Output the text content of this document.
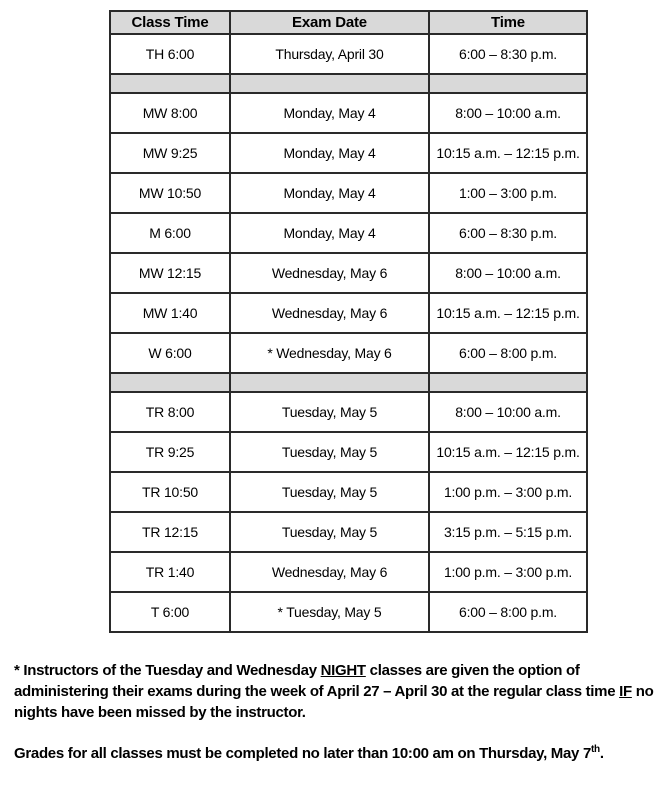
Class Time	Exam Date	Time
TH 6:00	Thursday, April 30	6:00 – 8:30 p.m.

MW 8:00	Monday, May 4	8:00 – 10:00 a.m.
MW 9:25	Monday, May 4	10:15 a.m. – 12:15 p.m.
MW 10:50	Monday, May 4	1:00 – 3:00 p.m.
M 6:00	Monday, May 4	6:00 – 8:30 p.m.
MW 12:15	Wednesday, May 6	8:00 – 10:00 a.m.
MW 1:40	Wednesday, May 6	10:15 a.m. – 12:15 p.m.
W 6:00	* Wednesday, May 6	6:00 – 8:00 p.m.

TR 8:00	Tuesday, May 5	8:00 – 10:00 a.m.
TR 9:25	Tuesday, May 5	10:15 a.m. – 12:15 p.m.
TR 10:50	Tuesday, May 5	1:00 p.m. – 3:00 p.m.
TR 12:15	Tuesday, May 5	3:15 p.m. – 5:15 p.m.
TR 1:40	Wednesday, May 6	1:00 p.m. – 3:00 p.m.
T 6:00	* Tuesday, May 5	6:00 – 8:00 p.m.

* Instructors of the Tuesday and Wednesday NIGHT classes are given the option of administering their exams during the week of April 27 – April 30 at the regular class time IF no nights have been missed by the instructor.

Grades for all classes must be completed no later than 10:00 am on Thursday, May 7th.
